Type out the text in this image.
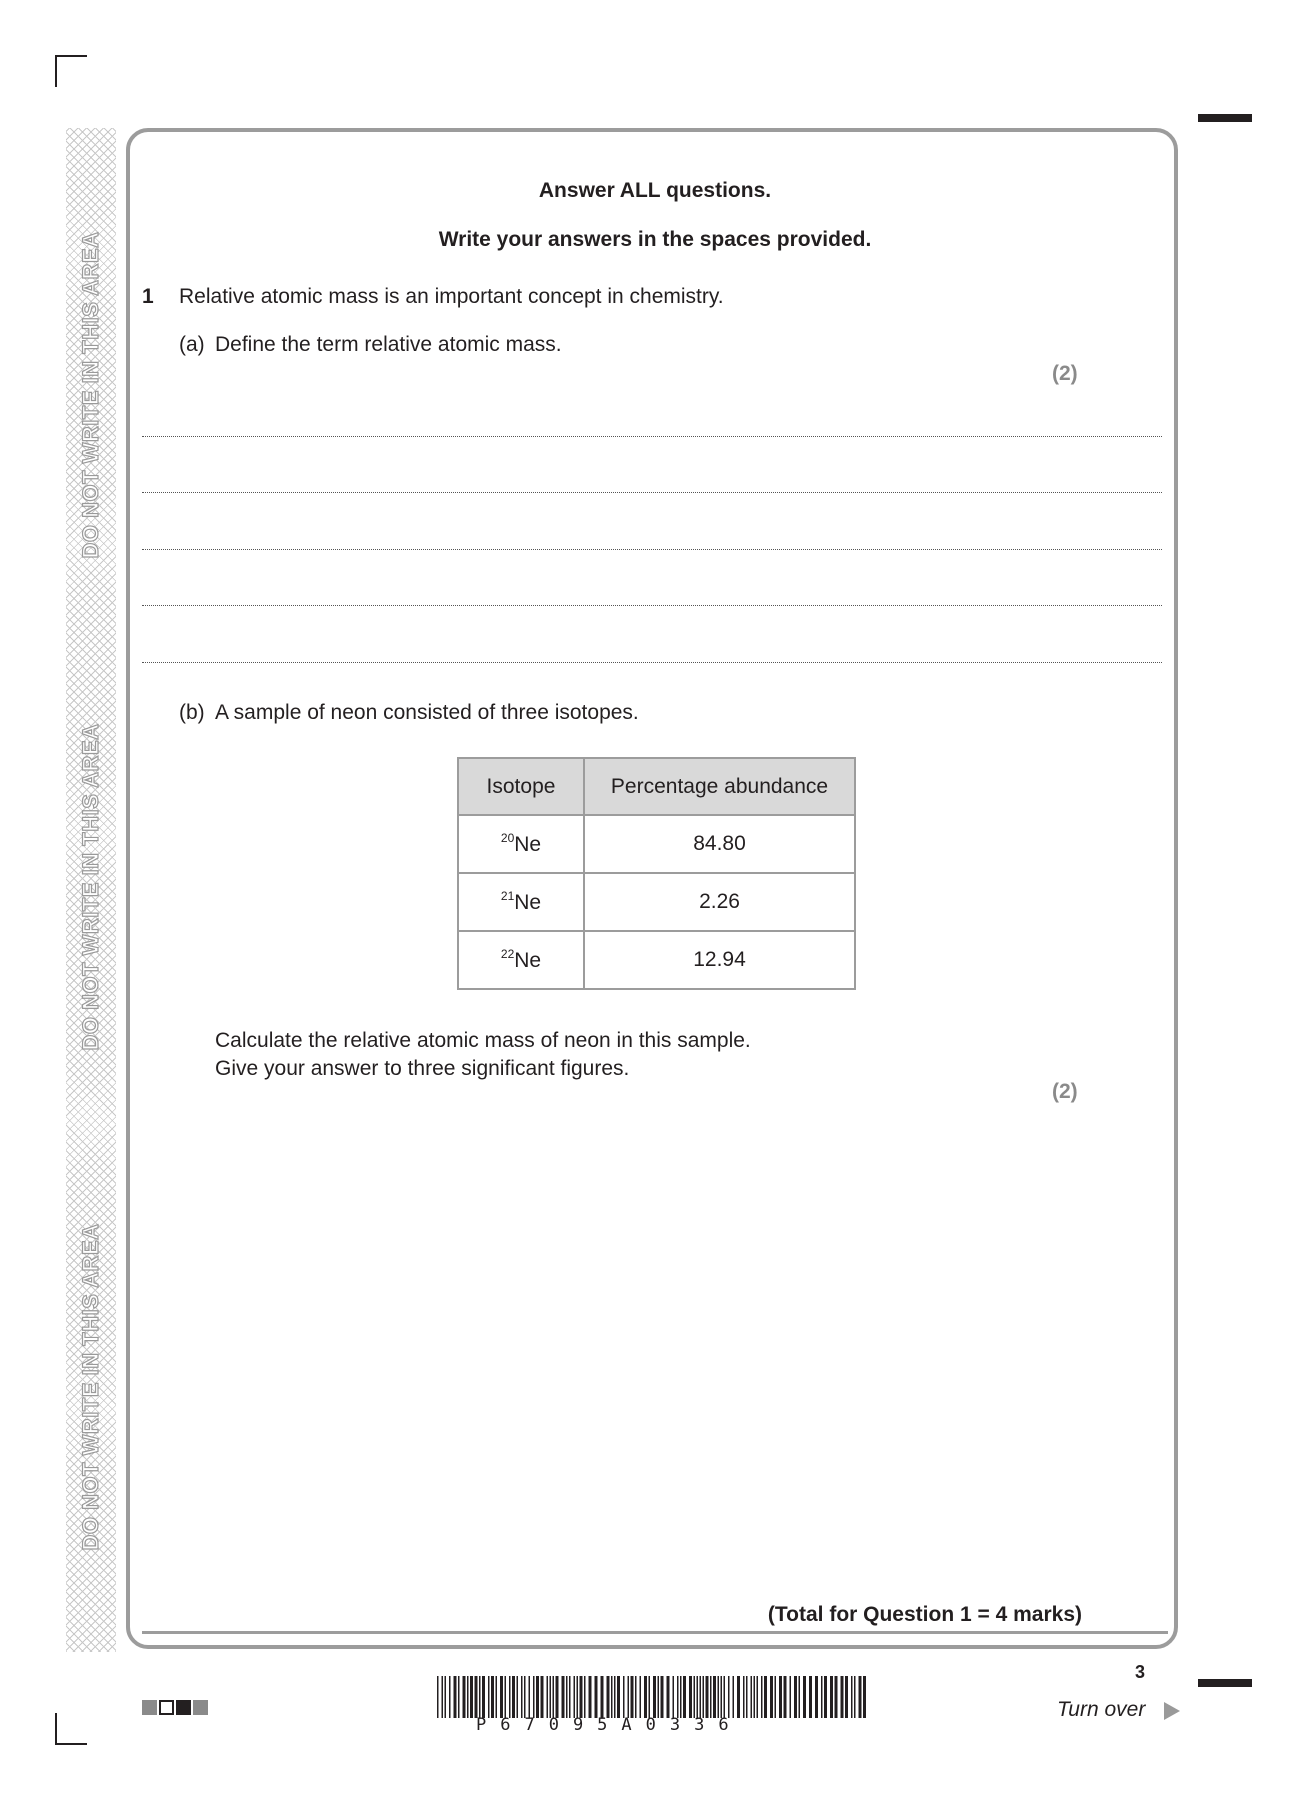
DO NOT WRITE IN THIS AREA
DO NOT WRITE IN THIS AREA
DO NOT WRITE IN THIS AREA
Answer ALL questions.
Write your answers in the spaces provided.
1 Relative atomic mass is an important concept in chemistry.
(a) Define the term relative atomic mass.
(2)
(b) A sample of neon consisted of three isotopes.
Isotope	Percentage abundance
$^{20}$Ne	84.80
$^{21}$Ne	2.26
$^{22}$Ne	12.94
Calculate the relative atomic mass of neon in this sample.
Give your answer to three significant figures.
(2)
(Total for Question 1 = 4 marks)
P67095A0336
3
Turn over
